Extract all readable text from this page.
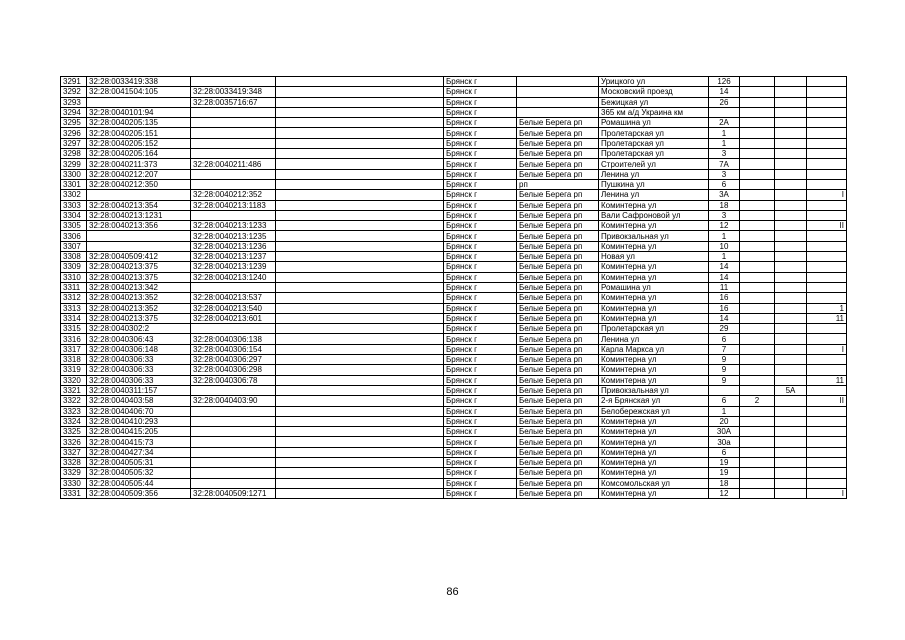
3291	32:28:0033419:338			Брянск г		Урицкого ул	126			
3292	32:28:0041504:105	32:28:0033419:348		Брянск г		Московский проезд	14			
3293		32:28:0035716:67		Брянск г		Бежицкая ул	26			
3294	32:28:0040101:94			Брянск г		365 км а/д Украина км				
3295	32:28:0040205:135			Брянск г	Белые Берега рп	Ромашина ул	2А			
3296	32:28:0040205:151			Брянск г	Белые Берега рп	Пролетарская ул	1			
3297	32:28:0040205:152			Брянск г	Белые Берега рп	Пролетарская ул	1			
3298	32:28:0040205:164			Брянск г	Белые Берега рп	Пролетарская ул	3			
3299	32:28:0040211:373	32:28:0040211:486		Брянск г	Белые Берега рп	Строителей ул	7А			
3300	32:28:0040212:207			Брянск г	Белые Берега рп	Ленина ул	3			
3301	32:28:0040212:350			Брянск г	рп	Пушкина ул	6			
3302		32:28:0040212:352		Брянск г	Белые Берега рп	Ленина ул	3А			I
3303	32:28:0040213:354	32:28:0040213:1183		Брянск г	Белые Берега рп	Коминтерна ул	18			
3304	32:28:0040213:1231			Брянск г	Белые Берега рп	Вали Сафроновой ул	3			
3305	32:28:0040213:356	32:28:0040213:1233		Брянск г	Белые Берега рп	Коминтерна ул	12			II
3306		32:28:0040213:1235		Брянск г	Белые Берега рп	Привокзальная ул	1			
3307		32:28:0040213:1236		Брянск г	Белые Берега рп	Коминтерна ул	10			
3308	32:28:0040509:412	32:28:0040213:1237		Брянск г	Белые Берега рп	Новая ул	1			
3309	32:28:0040213:375	32:28:0040213:1239		Брянск г	Белые Берега рп	Коминтерна ул	14			
3310	32:28:0040213:375	32:28:0040213:1240		Брянск г	Белые Берега рп	Коминтерна ул	14			
3311	32:28:0040213:342			Брянск г	Белые Берега рп	Ромашина ул	11			
3312	32:28:0040213:352	32:28:0040213:537		Брянск г	Белые Берега рп	Коминтерна ул	16			
3313	32:28:0040213:352	32:28:0040213:540		Брянск г	Белые Берега рп	Коминтерна ул	16			1
3314	32:28:0040213:375	32:28:0040213:601		Брянск г	Белые Берега рп	Коминтерна ул	14			11
3315	32:28:0040302:2			Брянск г	Белые Берега рп	Пролетарская ул	29			
3316	32:28:0040306:43	32:28:0040306:138		Брянск г	Белые Берега рп	Ленина ул	6			
3317	32:28:0040306:148	32:28:0040306:154		Брянск г	Белые Берега рп	Карла Маркса ул	7			I
3318	32:28:0040306:33	32:28:0040306:297		Брянск г	Белые Берега рп	Коминтерна ул	9			
3319	32:28:0040306:33	32:28:0040306:298		Брянск г	Белые Берега рп	Коминтерна ул	9			
3320	32:28:0040306:33	32:28:0040306:78		Брянск г	Белые Берега рп	Коминтерна ул	9			11
3321	32:28:0040311:157			Брянск г	Белые Берега рп	Привокзальная ул			5А	
3322	32:28:0040403:58	32:28:0040403:90		Брянск г	Белые Берега рп	2-я Брянская ул	6	2		II
3323	32:28:0040406:70			Брянск г	Белые Берега рп	Белобережская ул	1			
3324	32:28:0040410:293			Брянск г	Белые Берега рп	Коминтерна ул	20			
3325	32:28:0040415:205			Брянск г	Белые Берега рп	Коминтерна ул	30А			
3326	32:28:0040415:73			Брянск г	Белые Берега рп	Коминтерна ул	30а			
3327	32:28:0040427:34			Брянск г	Белые Берега рп	Коминтерна ул	6			
3328	32:28:0040505:31			Брянск г	Белые Берега рп	Коминтерна ул	19			
3329	32:28:0040505:32			Брянск г	Белые Берега рп	Коминтерна ул	19			
3330	32:28:0040505:44			Брянск г	Белые Берега рп	Комсомольская ул	18			
3331	32:28:0040509:356	32:28:0040509:1271		Брянск г	Белые Берега рп	Коминтерна ул	12			I
86
